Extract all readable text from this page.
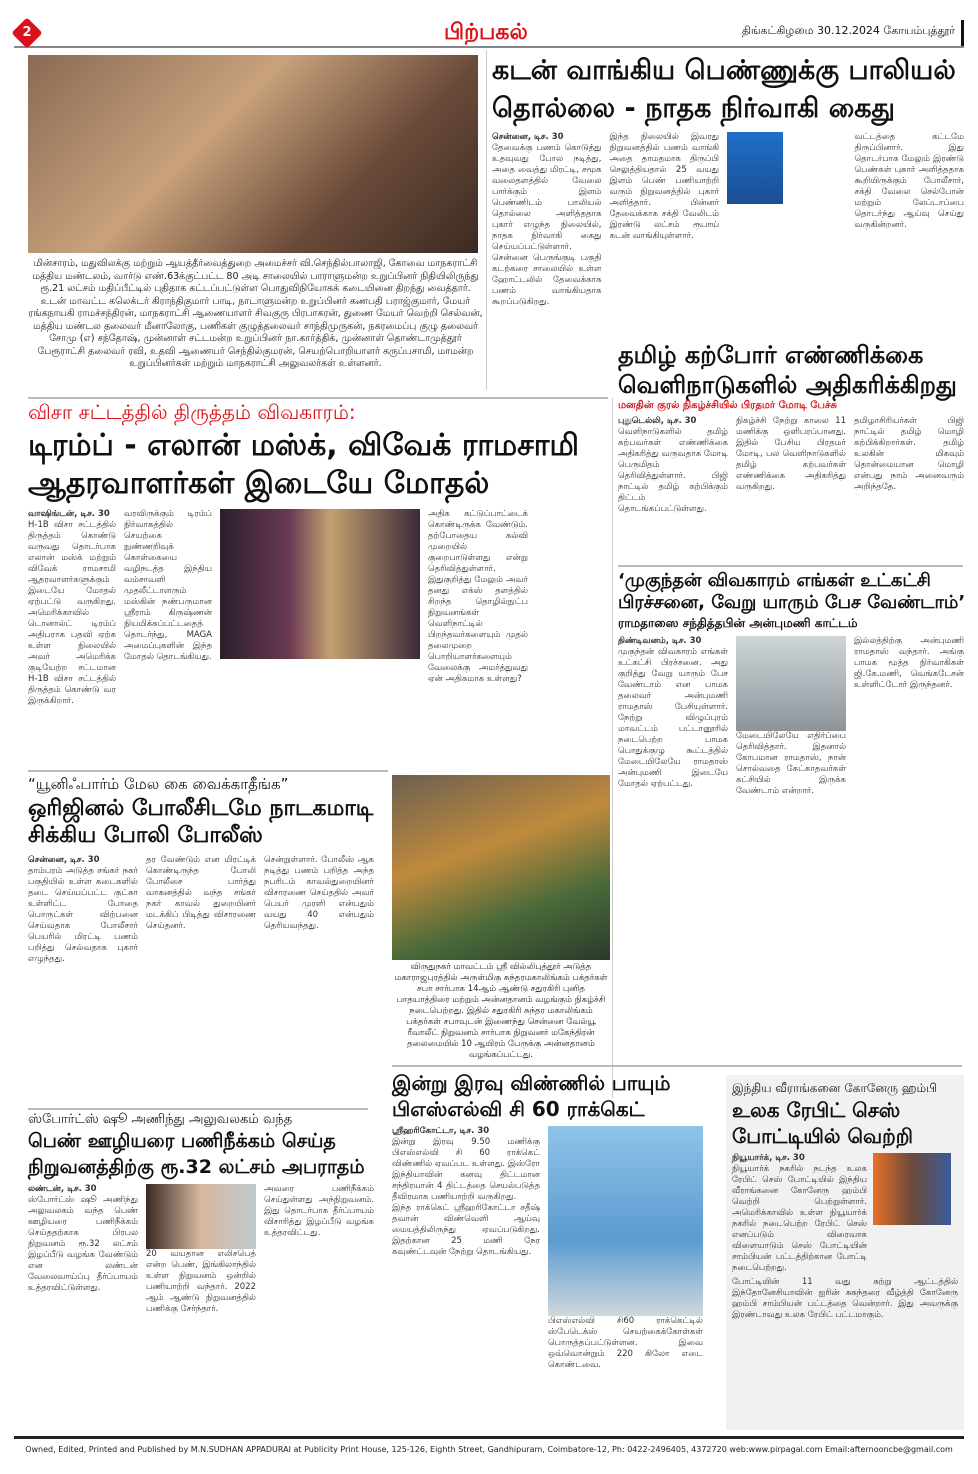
2	பிற்பகல்	திங்கட்கிழமை 30.12.2024 கோயம்புத்தூர்
மின்சாரம், மதுவிலக்கு மற்றும் ஆயத்தீர்வைத்துறை அமைச்சர் வி.செந்தில்பாலாஜி, கோவை மாநகராட்சி மத்திய மண்டலம், வார்டு எண்.63க்குட்பட்ட 80 அடி சாலையில் பாராளுமன்ற உறுப்பினர் நிதியிலிருந்து ரூ.21 லட்சம் மதிப்பீட்டில் புதிதாக கட்டப்பட்டுள்ள பொதுவிநியோகக் கடையினை திறந்து வைத்தார். உடன் மாவட்ட கலெக்டர் கிராந்திகுமார் பாடி, நாடாளுமன்ற உறுப்பினர் கணபதி பராஜ்குமார், மேயர் ரங்கநாயகி ராமச்சந்திரன், மாநகராட்சி ஆணையாளர் சிவகுரு பிரபாகரன், துணை மேயர் வெற்றி செல்வன், மத்திய மண்டல தலைவர் மீனாலோகு, பணிகள் குழுத்தலைவர் சாந்திமுருகன், நகரமைப்பு குழு தலைவர் சோமு (எ) சந்தோஷ், முன்னாள் சட்டமன்ற உறுப்பினர் நா.கார்த்திக், முன்னாள் தொண்டாமுத்தூர் பேரூராட்சி தலைவர் ரவி, உதவி ஆணையர் செந்தில்குமரன், செயற்பொறியாளர் கருப்பசாமி, மாமன்ற உறுப்பினர்கள் மற்றும் மாநகராட்சி அலுவலர்கள் உள்ளனர்.
கடன் வாங்கிய பெண்ணுக்கு பாலியல்
தொல்லை - நாதக நிர்வாகி கைது
சென்னை, டிச. 30
தேவைக்கு பணம் கொடுத்து உதவுவது போல நடித்து, அதை வைத்து மிரட்டி, சமூக வலைதளத்தில் வேலை பார்க்கும் இளம் பெண்ணிடம் பாலியல் தொல்லை அளித்ததாக புகார் எழுந்த நிலையில், நாதக நிர்வாகி கைது செய்யப்பட்டுள்ளார். சென்னை பெருங்குடி பகுதி கடற்கரை சாலையில் உள்ள ஹோட்டலில் தேவைக்காக பணம் வாங்கியதாக கூறப்படுகிறது.
இந்த நிலையில் இவரது நிறுவனத்தில் பணம் வாங்கி அதை தாமதமாக திருப்பி செலுத்தியதால் 25 வயது இளம் பெண் பணியாற்றி வரும் நிறுவனத்தில் புகார் அளித்தார். பின்னர் தேவைக்காக சக்தி வேலிடம் இரண்டு லட்சம் ரூபாய் கடன் வாங்கியுள்ளார்.
வட்டத்தை கட்டமே திருப்பினார். இது தொடர்பாக மேலும் இரண்டு பெண்கள் புகார் அளித்ததாக கூறியிருக்கும் போலீசார், சக்தி வேலை செல்போன் மற்றும் லேப்டாப்பை தொடர்ந்து ஆய்வு செய்து வருகின்றனர்.
விசா சட்டத்தில் திருத்தம் விவகாரம்:
டிரம்ப் - எலான் மஸ்க், விவேக் ராமசாமி
ஆதரவாளர்கள் இடையே மோதல்
வாஷிங்டன், டிச. 30
H-1B விசா சட்டத்தில் திருத்தம் கொண்டு வருவது தொடர்பாக எலான் மஸ்க் மற்றும் விவேக் ராமசாமி ஆதரவாளர்களுக்கும் இடையே மோதல் ஏற்பட்டு வருகிறது. அமெரிக்காவில் டொனால்ட் டிரம்ப் அதிபராக பதவி ஏற்க உள்ள நிலையில் அவர் அமெரிக்க குடியேற்ற சட்டமான H-1B விசா சட்டத்தில் திருத்தம் கொண்டு வர இருக்கிறார்.
வரவிருக்கும் டிரம்ப் நிர்வாகத்தில் செயற்கை நுண்ணறிவுக் கொள்கையை வழிநடத்த இந்திய வம்சாவளி முதலீட்டாளரும் மஸ்கின் நண்பருமான ஸ்ரீராம் கிருஷ்ணன் நியமிக்கப்பட்டதைத் தொடர்ந்து, MAGA அமைப்புகளின் இந்த மோதல் தொடங்கியது.
அதிக கட்டுப்பாட்டைக் கொண்டிருக்க வேண்டும். தற்போதைய கல்வி முறையில் குறைபாடுள்ளது என்று தெரிவித்துள்ளார். இதுகுறித்து மேலும் அவர் தனது எக்ஸ் தளத்தில் சிறந்த தொழில்நுட்ப நிறுவனங்கள் வெளிநாட்டில் பிறந்தவர்களையும் முதல் தலைமுறை பொறியாளர்களையும் வேலைக்கு அமர்த்துவது ஏன் அதிகமாக உள்ளது?
தமிழ் கற்போர் எண்ணிக்கை
வெளிநாடுகளில் அதிகரிக்கிறது
மனதின் குரல் நிகழ்ச்சியில் பிரதமர் மோடி பேச்சு
புதுடெல்லி, டிச. 30
வெளிநாடுகளில் தமிழ் கற்பவர்கள் எண்ணிக்கை அதிகரித்து வருவதாக மோடி பெருமிதம் தெரிவித்துள்ளார். பிஜி நாட்டில் தமிழ் கற்பிக்கும் திட்டம் தொடங்கப்பட்டுள்ளது.
நிகழ்ச்சி நேற்று காலை 11 மணிக்கு ஒளிபரப்பானது. இதில் பேசிய பிரதமர் மோடி, பல வெளிநாடுகளில் தமிழ் கற்பவர்கள் எண்ணிக்கை அதிகரித்து வருகிறது.
தமிழாசிரியர்கள் பிஜி நாட்டில் தமிழ் மொழி கற்பிக்கிறார்கள். தமிழ் உலகின் மிகவும் தொன்மையான மொழி என்பது நாம் அனைவரும் அறிந்ததே.
‘முகுந்தன் விவகாரம் எங்கள் உட்கட்சி
பிரச்சனை, வேறு யாரும் பேச வேண்டாம்’
ராமதாஸை சந்தித்தபின் அன்புமணி காட்டம்
திண்டிவனம், டிச. 30
முகுந்தன் விவகாரம் எங்கள் உட்கட்சி பிரச்சனை. அது குறித்து வேறு யாரும் பேச வேண்டாம் என பாமக தலைவர் அன்புமணி ராமதாஸ் பேசியுள்ளார். நேற்று விழுப்புரம் மாவட்டம் பட்டானூரில் நடைபெற்ற பாமக பொதுக்குழு கூட்டத்தில் மேடையிலேயே ராமதாஸ் அன்புமணி இடையே மோதல் ஏற்பட்டது.
மேடையிலேயே எதிர்ப்பை தெரிவித்தார். இதனால் கோபமான ராமதாஸ், நான் சொல்வதை கேட்காதவர்கள் கட்சியில் இருக்க வேண்டாம் என்றார்.
இல்லத்திற்கு அன்புமணி ராமதாஸ் வந்தார். அங்கு பாமக மூத்த நிர்வாகிகள் ஜி.கே.மணி, வெங்கடேசன் உள்ளிட்டோர் இருந்தனர்.
“யூனிஃபார்ம் மேல கை வைக்காதீங்க”
ஒரிஜினல் போலீசிடமே நாடகமாடி
சிக்கிய போலி போலீஸ்
சென்னை, டிச. 30
தாம்பரம் அடுத்த சங்கர் நகர் பகுதியில் உள்ள கடைகளில் தடை செய்யப்பட்ட குட்கா உள்ளிட்ட போதை பொருட்கள் விற்பனை செய்வதாக போலீசார் பெயரில் மிரட்டி பணம் பறித்து செல்வதாக புகார் எழுந்தது.
தர வேண்டும் என மிரட்டிக் கொண்டிருந்த போலி போலீசை பார்த்து வாகனத்தில் வந்த சங்கர் நகர் காவல் துறையினர் மடக்கிப் பிடித்து விசாரணை செய்தனர்.
சென்றுள்ளார். போலீஸ் ஆக நடித்து பணம் பறித்த அந்த நபரிடம் காவல்துறையினர் விசாரணை செய்ததில் அவர் பெயர் முரளி என்பதும் வயது 40 என்பதும் தெரியவந்தது.
விருதுநகர் மாவட்டம் ஸ்ரீ வில்லிபுத்தூர் அடுத்த மகாராஜபுரத்தில் அருள்மிகு சுந்தரமகாலிங்கம் பக்தர்கள் சபா சார்பாக 14ஆம் ஆண்டு சதுரகிரி புனித பாதயாத்திரை மற்றும் அன்னதானம் வழங்கும் நிகழ்ச்சி நடைபெற்றது. இதில் சதுரகிரி சுந்தர மகாலிங்கம் பக்தர்கள் சபாவுடன் இணைந்து சென்னை வேல்யூ ரீவாலீட் நிறுவனம் சார்பாக நிறுவனர் மகேந்திரன் தலைமையில் 10 ஆயிரம் பேருக்கு அன்னதானம் வழங்கப்பட்டது.
ஸ்போர்ட்ஸ் ஷூ அணிந்து அலுவலகம் வந்த
பெண் ஊழியரை பணிநீக்கம் செய்த
நிறுவனத்திற்கு ரூ.32 லட்சம் அபராதம்
லண்டன், டிச. 30
ஸ்போர்ட்ஸ் ஷூ அணிந்து அலுவலகம் வந்த பெண் ஊழியரை பணிநீக்கம் செய்ததற்காக பிரபல நிறுவனம் ரூ.32 லட்சம் இழப்பீடு வழங்க வேண்டும் என லண்டன் வேலைவாய்ப்பு தீர்ப்பாயம் உத்தரவிட்டுள்ளது.
20 வயதான எலிசபெத் என்ற பெண், இங்கிலாந்தில் உள்ள நிறுவனம் ஒன்றில் பணியாற்றி வந்தார். 2022 ஆம் ஆண்டு நிறுவனத்தில் பணிக்கு சேர்ந்தார்.
அவரை பணிநீக்கம் செய்துள்ளது அந்நிறுவனம். இது தொடர்பாக தீர்ப்பாயம் விசாரித்து இழப்பீடு வழங்க உத்தரவிட்டது.
இன்று இரவு விண்ணில் பாயும்
பிஎஸ்எல்வி சி 60 ராக்கெட்
ஸ்ரீஹரிகோட்டா, டிச. 30
இன்று இரவு 9.50 மணிக்கு பிஎஸ்எல்வி சி 60 ராக்கெட் விண்ணில் ஏவப்பட உள்ளது. இஸ்ரோ இந்தியாவின் கனவு திட்டமான சந்திரயான் 4 திட்டத்தை செயல்படுத்த தீவிரமாக பணியாற்றி வருகிறது.
இந்த ராக்கெட் ஸ்ரீஹரிகோட்டா சதீஷ் தவான் விண்வெளி ஆய்வு மையத்திலிருந்து ஏவப்படுகிறது. இதற்கான 25 மணி நேர கவுண்ட்டவுன் நேற்று தொடங்கியது.
பிஎஸ்எல்வி சி60 ராக்கெட்டில் ஸ்பேடெக்ஸ் செயற்கைக்கோள்கள் பொருத்தப்பட்டுள்ளன. இவை ஒவ்வொன்றும் 220 கிலோ எடை கொண்டவை.
இந்திய வீராங்கனை கோனேரு ஹம்பி
உலக ரேபிட் செஸ்
போட்டியில் வெற்றி
நியூயார்க், டிச. 30
நியூயார்க் நகரில் நடந்த உலக ரேபிட் செஸ் போட்டியில் இந்திய வீராங்கனை கோனேரு ஹம்பி வெற்றி பெற்றுள்ளார். அமெரிக்காவில் உள்ள நியூயார்க் நகரில் நடைபெற்ற ரேபிட் செஸ் எனப்படும் விரைவாக விளையாடும் செஸ் போட்டியின் சாம்பியன் பட்டத்திற்கான போட்டி நடைபெற்றது.
போட்டியின் 11 வது சுற்று ஆட்டத்தில் இந்தோனேசியாவின் ஐரின் சுகந்தரை வீழ்த்தி கோனேரு ஹம்பி சாம்பியன் பட்டத்தை வென்றார். இது அவருக்கு இரண்டாவது உலக ரேபிட் பட்டமாகும்.
Owned, Edited, Printed and Published by M.N.SUDHAN APPADURAI at Publicity Print House, 125-126, Eighth Street, Gandhipuram, Coimbatore-12, Ph: 0422-2496405, 4372720 web:www.pirpagal.com Email:afternooncbe@gmail.com
